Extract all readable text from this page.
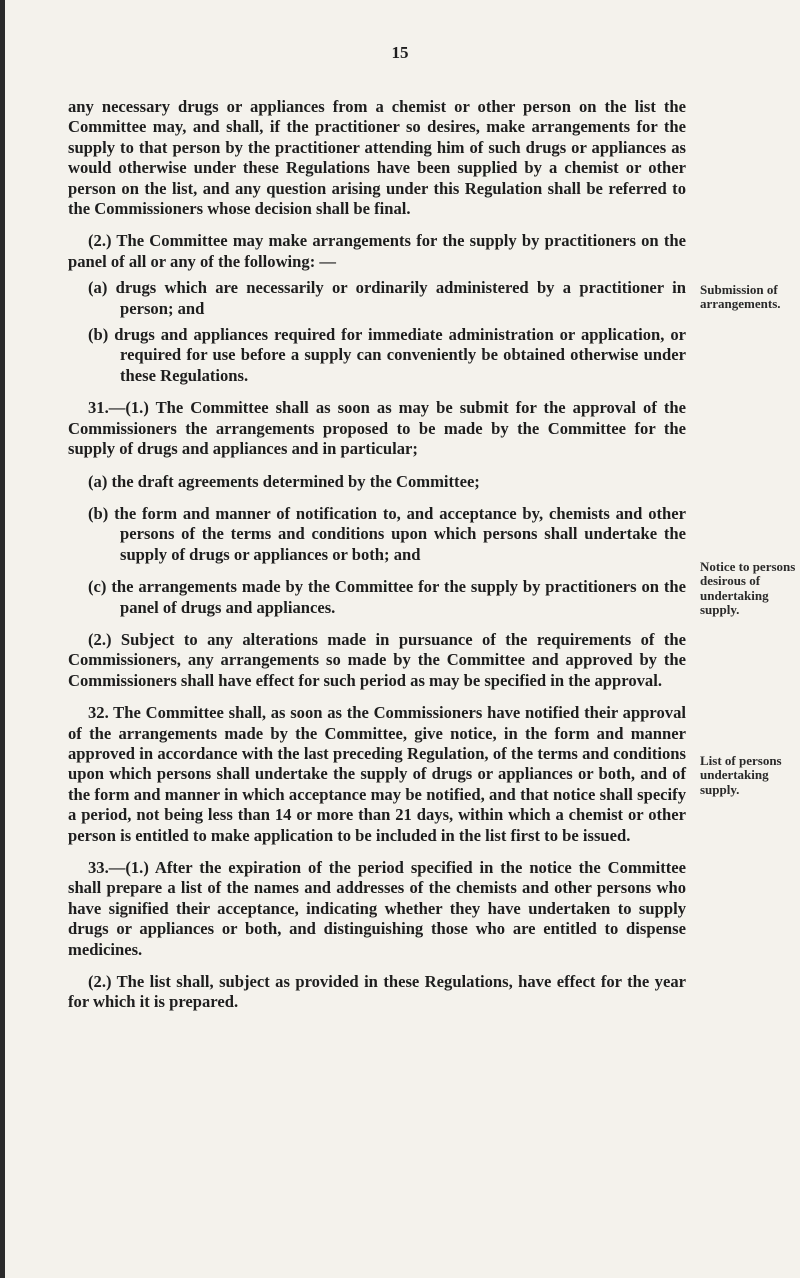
15

any necessary drugs or appliances from a chemist or other person on the list the Committee may, and shall, if the practitioner so desires, make arrangements for the supply to that person by the practitioner attending him of such drugs or appliances as would otherwise under these Regulations have been supplied by a chemist or other person on the list, and any question arising under this Regulation shall be referred to the Commissioners whose decision shall be final.

(2.) The Committee may make arrangements for the supply by practitioners on the panel of all or any of the following: —

(a) drugs which are necessarily or ordinarily administered by a practitioner in person; and

(b) drugs and appliances required for immediate administration or application, or required for use before a supply can conveniently be obtained otherwise under these Regulations.

31.—(1.) The Committee shall as soon as may be submit for the approval of the Commissioners the arrangements proposed to be made by the Committee for the supply of drugs and appliances and in particular;

(a) the draft agreements determined by the Committee;

(b) the form and manner of notification to, and acceptance by, chemists and other persons of the terms and conditions upon which persons shall undertake the supply of drugs or appliances or both; and

(c) the arrangements made by the Committee for the supply by practitioners on the panel of drugs and appliances.

(2.) Subject to any alterations made in pursuance of the requirements of the Commissioners, any arrangements so made by the Committee and approved by the Commissioners shall have effect for such period as may be specified in the approval.

32. The Committee shall, as soon as the Commissioners have notified their approval of the arrangements made by the Committee, give notice, in the form and manner approved in accordance with the last preceding Regulation, of the terms and conditions upon which persons shall undertake the supply of drugs or appliances or both, and of the form and manner in which acceptance may be notified, and that notice shall specify a period, not being less than 14 or more than 21 days, within which a chemist or other person is entitled to make application to be included in the list first to be issued.

33.—(1.) After the expiration of the period specified in the notice the Committee shall prepare a list of the names and addresses of the chemists and other persons who have signified their acceptance, indicating whether they have undertaken to supply drugs or appliances or both, and distinguishing those who are entitled to dispense medicines.

(2.) The list shall, subject as provided in these Regulations, have effect for the year for which it is prepared.

Submission of arrangements.
Notice to persons desirous of undertaking supply.
List of persons undertaking supply.
